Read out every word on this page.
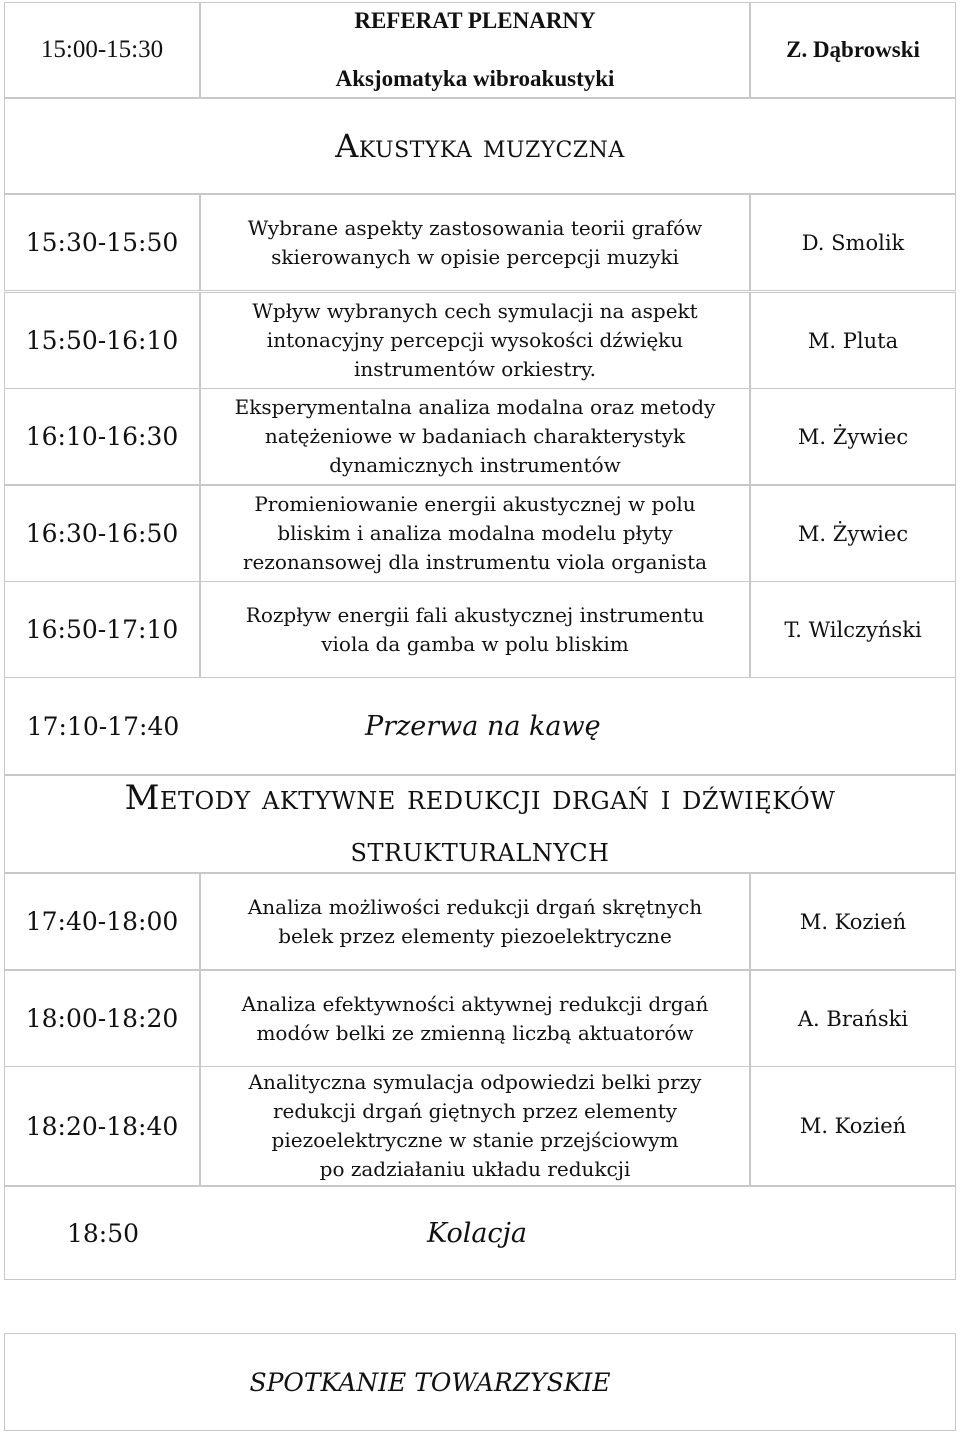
15:00-15:30
REFERAT PLENARNY
Aksjomatyka wibroakustyki
Z. Dąbrowski
Akustyka muzyczna
15:30-15:50
Wybrane aspekty zastosowania teorii grafów
skierowanych w opisie percepcji muzyki
D. Smolik
15:50-16:10
Wpływ wybranych cech symulacji na aspekt
intonacyjny percepcji wysokości dźwięku
instrumentów orkiestry.
M. Pluta
16:10-16:30
Eksperymentalna analiza modalna oraz metody
natężeniowe w badaniach charakterystyk
dynamicznych instrumentów
M. Żywiec
16:30-16:50
Promieniowanie energii akustycznej w polu
bliskim i analiza modalna modelu płyty
rezonansowej dla instrumentu viola organista
M. Żywiec
16:50-17:10
Rozpływ energii fali akustycznej instrumentu
viola da gamba w polu bliskim
T. Wilczyński
17:10-17:40	Przerwa na kawę
Metody aktywne redukcji drgań i dźwięków
strukturalnych
17:40-18:00
Analiza możliwości redukcji drgań skrętnych
belek przez elementy piezoelektryczne
M. Kozień
18:00-18:20
Analiza efektywności aktywnej redukcji drgań
modów belki ze zmienną liczbą aktuatorów
A. Brański
18:20-18:40
Analityczna symulacja odpowiedzi belki przy
redukcji drgań giętnych przez elementy
piezoelektryczne w stanie przejściowym
po zadziałaniu układu redukcji
M. Kozień
18:50	Kolacja
SPOTKANIE TOWARZYSKIE
